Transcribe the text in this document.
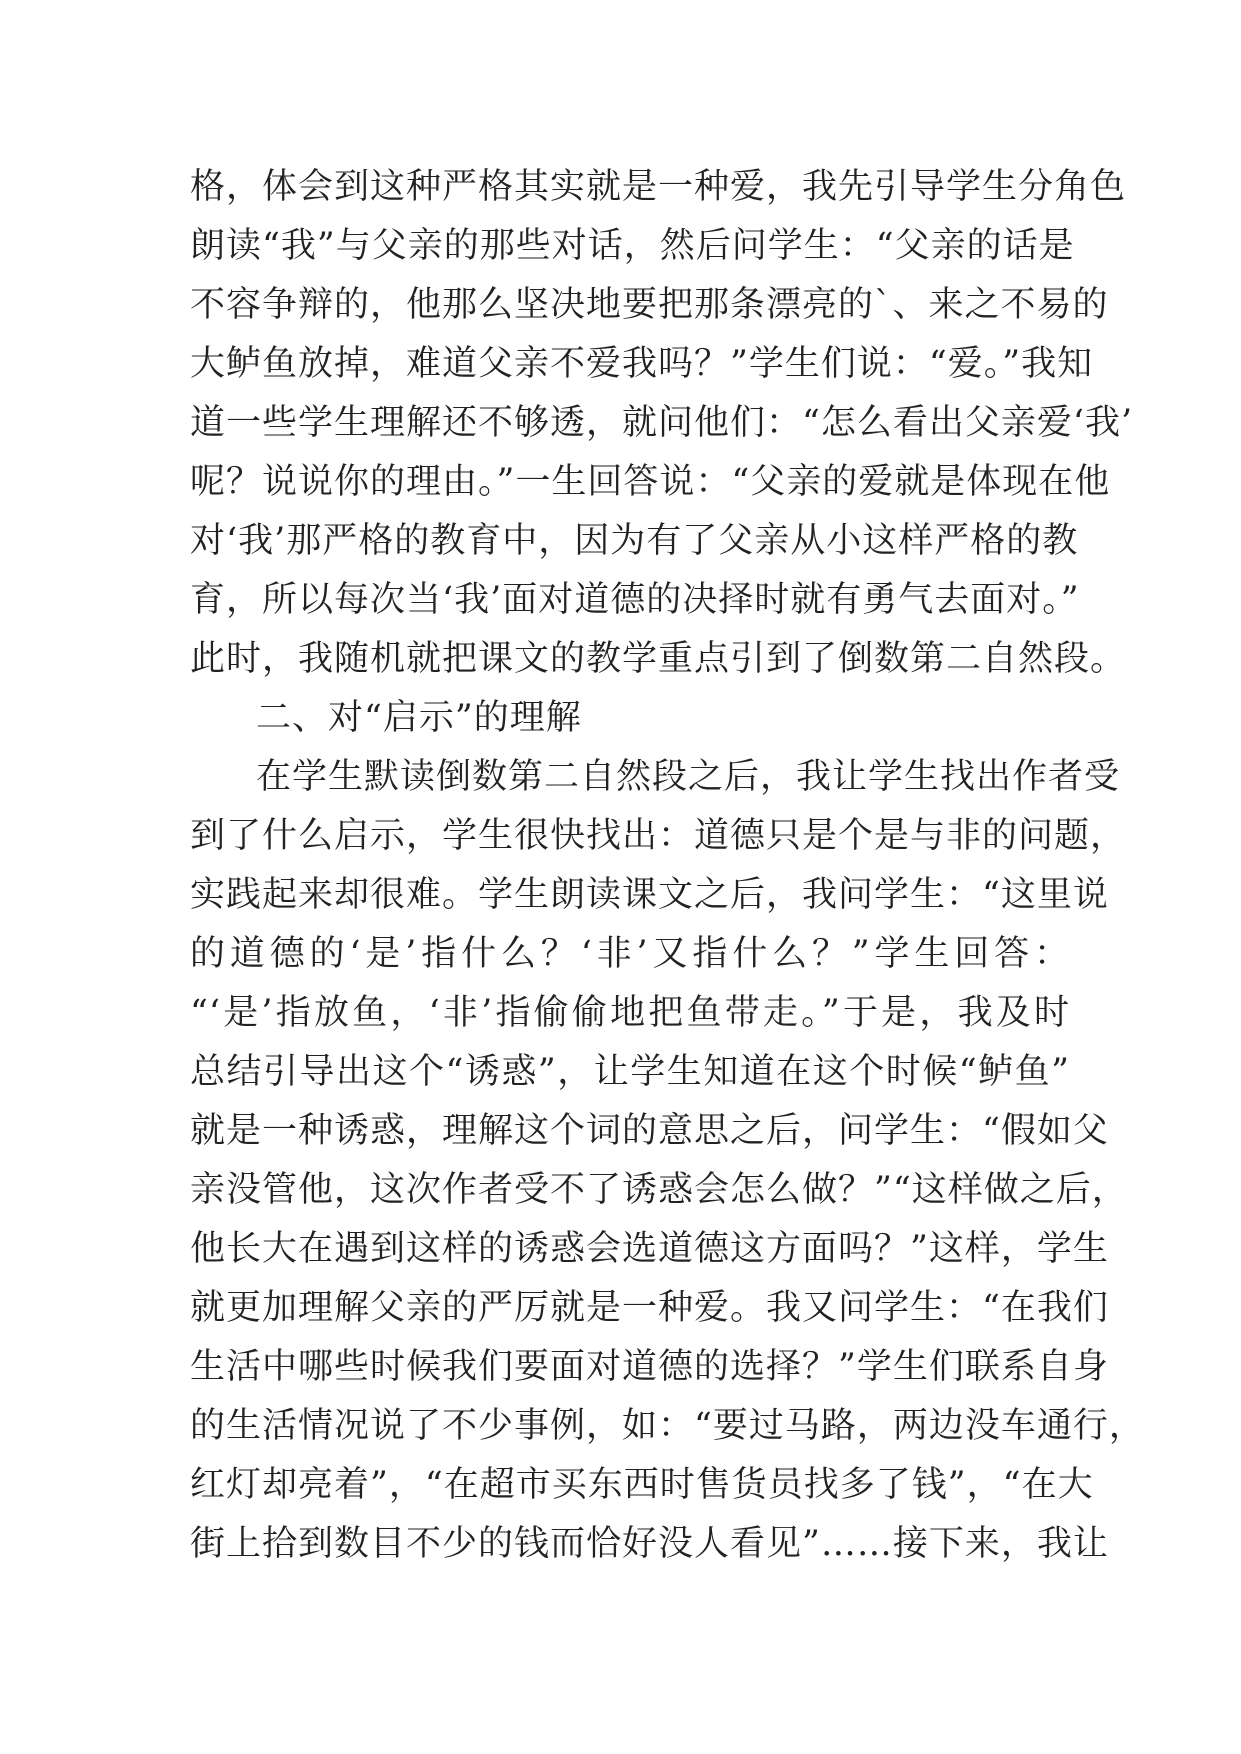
格，体会到这种严格其实就是一种爱，我先引导学生分角色
朗读“我”与父亲的那些对话，然后问学生：“父亲的话是
不容争辩的，他那么坚决地要把那条漂亮的`、来之不易的
大鲈鱼放掉，难道父亲不爱我吗？”学生们说：“爱。”我知
道一些学生理解还不够透，就问他们：“怎么看出父亲爱‘我’
呢？说说你的理由。”一生回答说：“父亲的爱就是体现在他
对‘我’那严格的教育中，因为有了父亲从小这样严格的教
育，所以每次当‘我’面对道德的决择时就有勇气去面对。”
此时，我随机就把课文的教学重点引到了倒数第二自然段。
二、对“启示”的理解
在学生默读倒数第二自然段之后，我让学生找出作者受
到了什么启示，学生很快找出：道德只是个是与非的问题，
实践起来却很难。学生朗读课文之后，我问学生：“这里说
的道德的‘是’指什么？‘非’又指什么？”学生回答：
“‘是’指放鱼，‘非’指偷偷地把鱼带走。”于是，我及时
总结引导出这个“诱惑”，让学生知道在这个时候“鲈鱼”
就是一种诱惑，理解这个词的意思之后，问学生：“假如父
亲没管他，这次作者受不了诱惑会怎么做？”“这样做之后，
他长大在遇到这样的诱惑会选道德这方面吗？”这样，学生
就更加理解父亲的严厉就是一种爱。我又问学生：“在我们
生活中哪些时候我们要面对道德的选择？”学生们联系自身
的生活情况说了不少事例，如：“要过马路，两边没车通行，
红灯却亮着”，“在超市买东西时售货员找多了钱”，“在大
街上拾到数目不少的钱而恰好没人看见”……接下来，我让
